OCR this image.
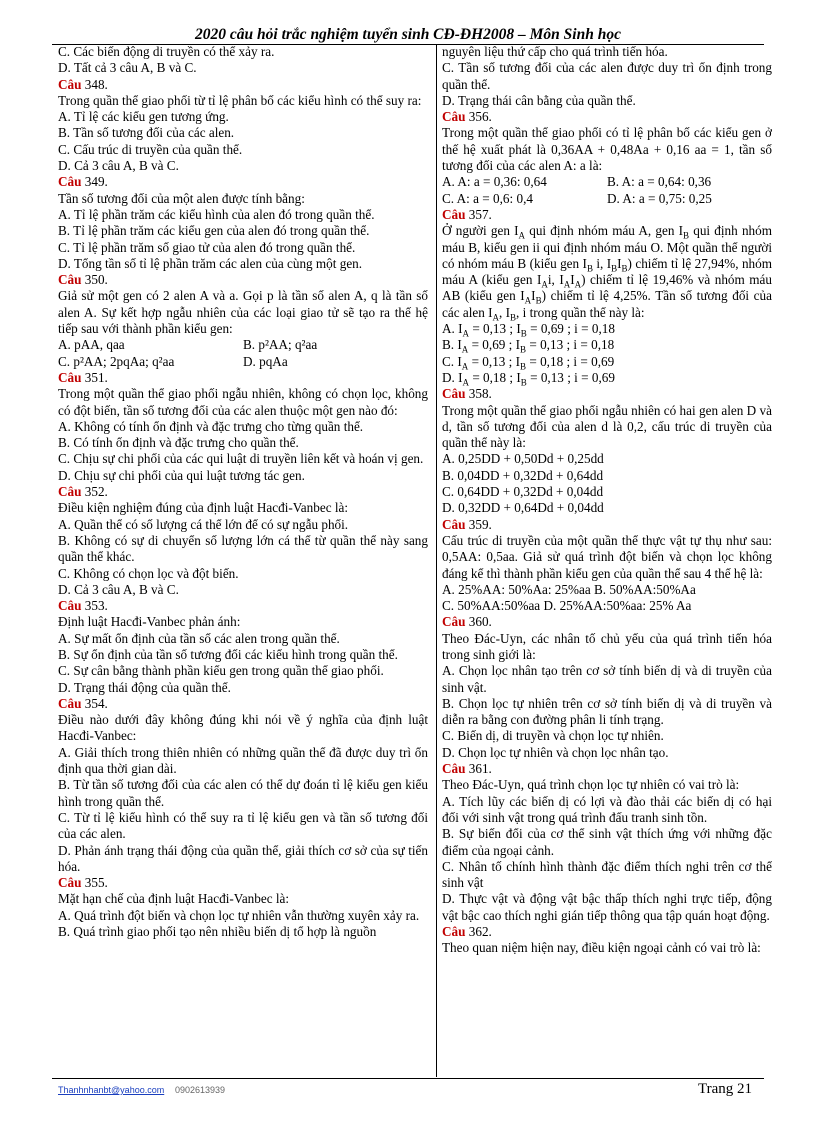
2020 câu hỏi trắc nghiệm tuyển sinh CĐ-ĐH2008 – Môn Sinh học

C. Các biến động di truyền có thể xảy ra.

D. Tất cả 3 câu A, B và C.

Câu 348.

Trong quần thể giao phối từ tỉ lệ phân bố các kiểu hình có thể suy ra:

A. Tỉ lệ các kiểu gen tương ứng.

B. Tần số tương đối của các alen.

C. Cấu trúc di truyền của quần thể.

D. Cả 3 câu A, B và C.

Câu 349.

Tần số tương đối của một alen được tính bằng:

A. Tỉ lệ phần trăm các kiểu hình của alen đó trong quần thể.

B. Tỉ lệ phần trăm các kiểu gen của alen đó trong quần thể.

C. Tỉ lệ phần trăm số giao tử của alen đó trong quần thể.

D. Tổng tần số tỉ lệ phần trăm các alen của cùng một gen.

Câu 350.

Giả sử một gen có 2 alen A và a. Gọi p là tần số alen A, q là tần số alen A. Sự kết hợp ngẫu nhiên của các loại giao tử sẽ tạo ra thế hệ tiếp sau với thành phần kiểu gen:

A. pAA, qaa	B. p²AA; q²aa
C. p²AA; 2pqAa; q²aa	D. pqAa

Câu 351.

Trong một quần thể giao phối ngẫu nhiên, không có chọn lọc, không có đột biến, tần số tương đối của các alen thuộc một gen nào đó:

A. Không có tính ổn định và đặc trưng cho từng quần thể.

B. Có tính ổn định và đặc trưng cho quần thể.

C. Chịu sự chi phối của các qui luật di truyền liên kết và hoán vị gen.

D. Chịu sự chi phối của qui luật tương tác gen.

Câu 352.

Điều kiện nghiệm đúng của định luật Hacđi-Vanbec là:

A. Quần thể có số lượng cá thể lớn để có sự ngẫu phối.

B. Không có sự di chuyển số lượng lớn cá thể từ quần thể này sang quần thể khác.

C. Không có chọn lọc và đột biến.

D. Cả 3 câu A, B và C.

Câu 353.

Định luật Hacđi-Vanbec phản ánh:

A. Sự mất ổn định của tần số các alen trong quần thể.

B. Sự ổn định của tần số tương đối các kiểu hình trong quần thể.

C. Sự cân bằng thành phần kiểu gen trong quần thể giao phối.

D. Trạng thái động của quần thể.

Câu 354.

Điều nào dưới đây không đúng khi nói về ý nghĩa của định luật Hacđi-Vanbec:

A. Giải thích trong thiên nhiên có những quần thể đã được duy trì ổn định qua thời gian dài.

B. Từ tần số tương đối của các alen có thể dự đoán tỉ lệ kiểu gen kiểu hình trong quần thể.

C. Từ tỉ lệ kiểu hình có thể suy ra tỉ lệ kiểu gen và tần số tương đối của các alen.

D. Phản ánh trạng thái động của quần thể, giải thích cơ sở của sự tiến hóa.

Câu 355.

Mặt hạn chế của định luật Hacđi-Vanbec là:

A. Quá trình đột biến và chọn lọc tự nhiên vẫn thường xuyên xảy ra.

B. Quá trình giao phối tạo nên nhiều biến dị tổ hợp là nguồn

nguyên liệu thứ cấp cho quá trình tiến hóa.

C. Tần số tương đối của các alen được duy trì ổn định trong quần thể.

D. Trạng thái cân bằng của quần thể.

Câu 356.

Trong một quần thể giao phối có tỉ lệ phân bố các kiểu gen ở thế hệ xuất phát là 0,36AA + 0,48Aa + 0,16 aa = 1, tần số tương đối của các alen A: a là:

A. A: a = 0,36: 0,64	B. A: a = 0,64: 0,36
C. A: a = 0,6: 0,4	D. A: a = 0,75: 0,25

Câu 357.

Ở người gen $I_A$ qui định nhóm máu A, gen $I_B$ qui định nhóm máu B, kiểu gen ii qui định nhóm máu O. Một quần thể người có nhóm máu B (kiểu gen $I_B$ i, $I_BI_B$) chiếm tỉ lệ 27,94%, nhóm máu A (kiểu gen $I_Ai$, $I_AI_A$) chiếm tỉ lệ 19,46% và nhóm máu AB (kiểu gen $I_AI_B$) chiếm tỉ lệ 4,25%. Tần số tương đối của các alen $I_A$, $I_B$, i trong quần thể này là:

A. $I_A = 0,13$ ; $I_B = 0,69$ ; i = 0,18

B. $I_A = 0,69$ ; $I_B = 0,13$ ; i = 0,18

C. $I_A = 0,13$ ; $I_B = 0,18$ ; i = 0,69

D. $I_A = 0,18$ ; $I_B = 0,13$ ; i = 0,69

Câu 358.

Trong một quần thể giao phối ngẫu nhiên có hai gen alen D và d, tần số tương đối của alen d là 0,2, cấu trúc di truyền của quần thể này là:

A. 0,25DD + 0,50Dd + 0,25dd

B. 0,04DD + 0,32Dd + 0,64dd

C. 0,64DD + 0,32Dd + 0,04dd

D. 0,32DD + 0,64Dd + 0,04dd

Câu 359.

Cấu trúc di truyền của một quần thể thực vật tự thụ như sau: 0,5AA: 0,5aa. Giả sử quá trình đột biến và chọn lọc không đáng kể thì thành phần kiểu gen của quần thể sau 4 thế hệ là:

A. 25%AA: 50%Aa: 25%aa B. 50%AA:50%Aa

C. 50%AA:50%aa D. 25%AA:50%aa: 25% Aa

Câu 360.

Theo Đác-Uyn, các nhân tố chủ yếu của quá trình tiến hóa trong sinh giới là:

A. Chọn lọc nhân tạo trên cơ sở tính biến dị và di truyền của sinh vật.

B. Chọn lọc tự nhiên trên cơ sở tính biến dị và di truyền và diễn ra bằng con đường phân li tính trạng.

C. Biến dị, di truyền và chọn lọc tự nhiên.

D. Chọn lọc tự nhiên và chọn lọc nhân tạo.

Câu 361.

Theo Đác-Uyn, quá trình chọn lọc tự nhiên có vai trò là:

A. Tích lũy các biến dị có lợi và đào thải các biến dị có hại đối với sinh vật trong quá trình đấu tranh sinh tồn.

B. Sự biến đổi của cơ thể sinh vật thích ứng với những đặc điểm của ngoại cảnh.

C. Nhân tố chính hình thành đặc điểm thích nghi trên cơ thể sinh vật

D. Thực vật và động vật bậc thấp thích nghi trực tiếp, động vật bậc cao thích nghi gián tiếp thông qua tập quán hoạt động.

Câu 362.

Theo quan niệm hiện nay, điều kiện ngoại cảnh có vai trò là:

Thanhnhanbt@yahoo.com 0902613939	Trang 21
